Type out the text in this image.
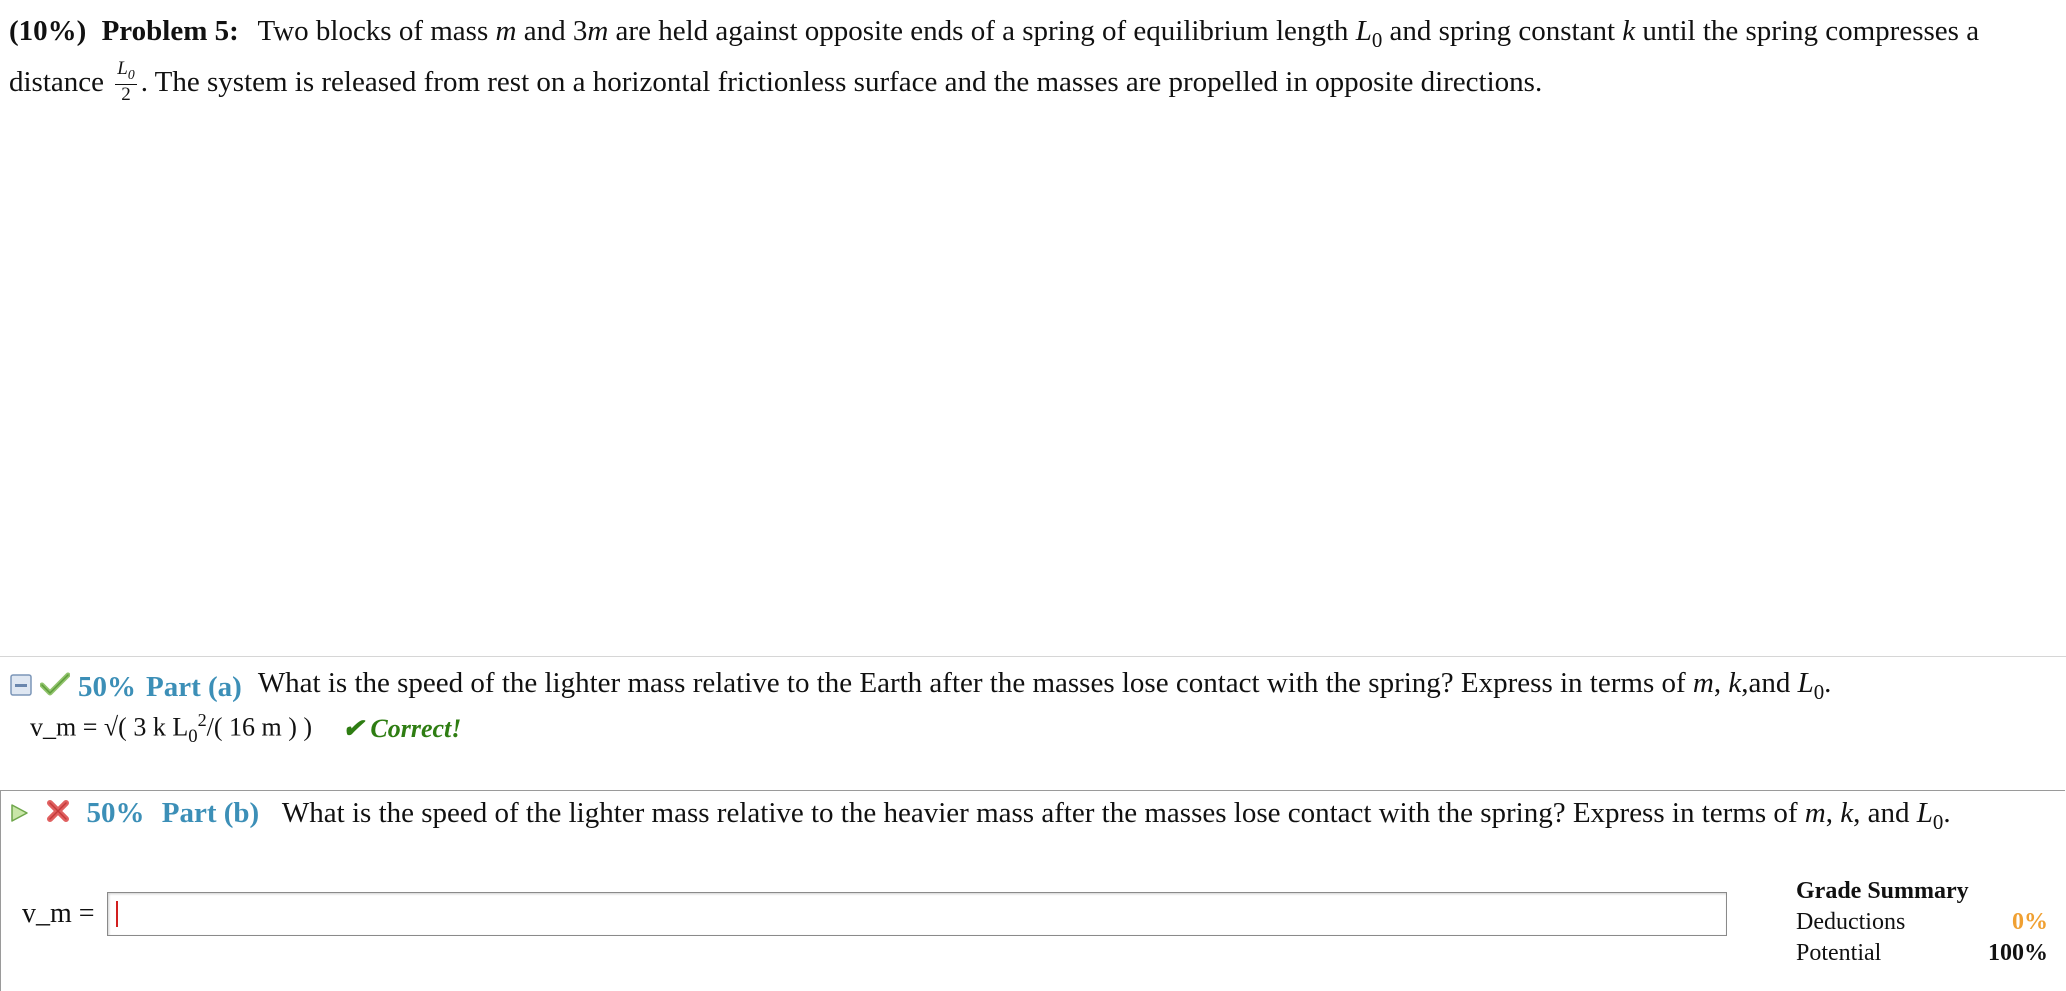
(10%) Problem 5: Two blocks of mass m and 3m are held against opposite ends of a spring of equilibrium length $L_0$ and spring constant k until the spring compresses a distance $\frac{L_0}{2}$ . The system is released from rest on a horizontal frictionless surface and the masses are propelled in opposite directions.
50% Part (a) What is the speed of the lighter mass relative to the Earth after the masses lose contact with the spring? Express in terms of m, k,and $L_0$.
v_m = √( 3 k $L_0^2/$( 16 m ) ) ✔ Correct!
50% Part (b) What is the speed of the lighter mass relative to the heavier mass after the masses lose contact with the spring? Express in terms of m, k, and $L_0$.
v_m =
Grade Summary
Deductions	0%
Potential	100%
